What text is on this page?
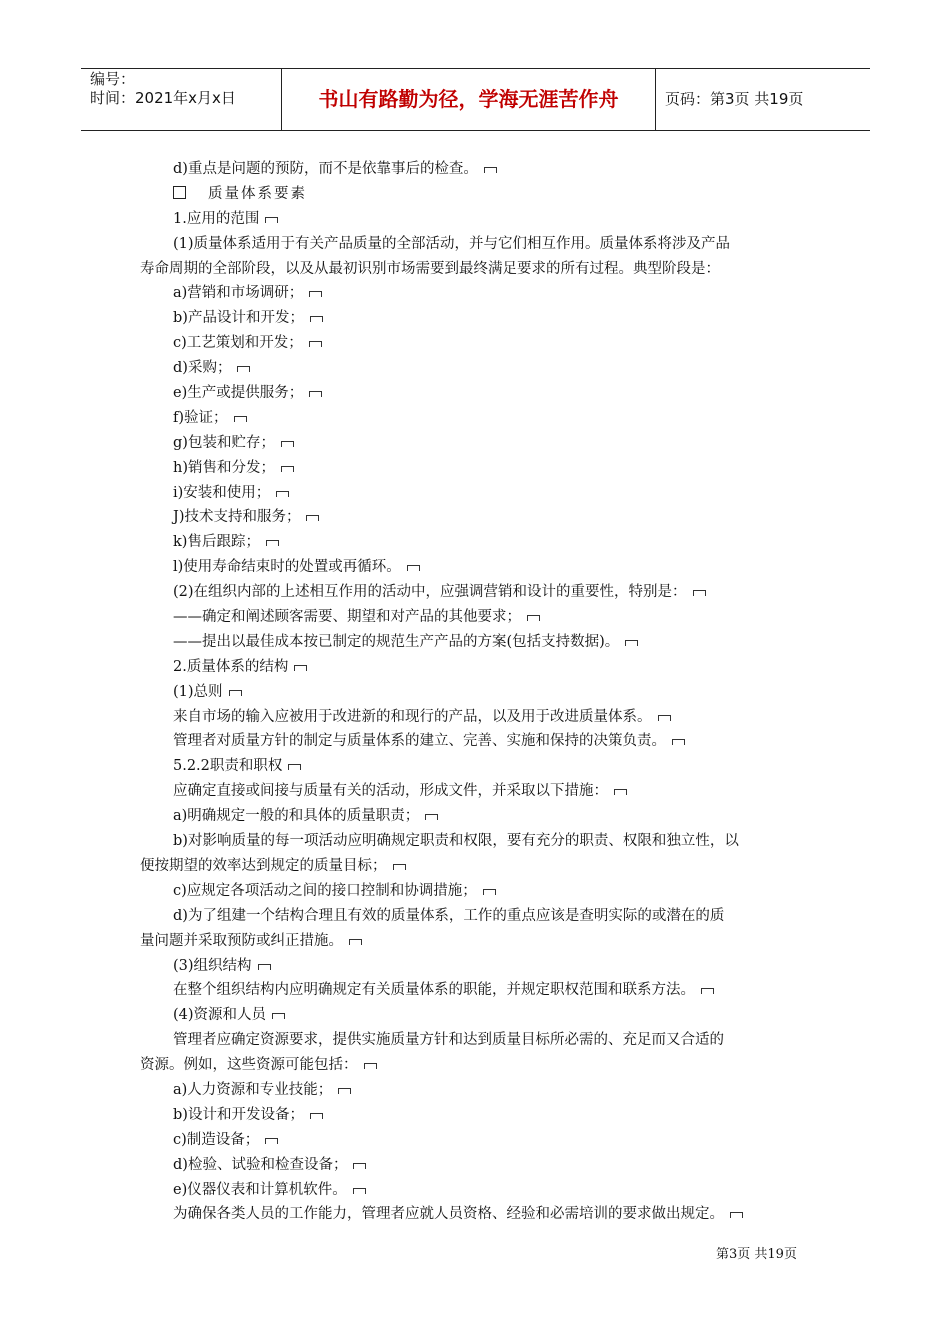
编号：
时间：2021年x月x日	书山有路勤为径，学海无涯苦作舟	页码：第3页 共19页
d)重点是问题的预防，而不是依靠事后的检查。
质量体系要素
1.应用的范围
(1)质量体系适用于有关产品质量的全部活动，并与它们相互作用。质量体系将涉及产品
寿命周期的全部阶段，以及从最初识别市场需要到最终满足要求的所有过程。典型阶段是：
a)营销和市场调研；
b)产品设计和开发；
c)工艺策划和开发；
d)采购；
e)生产或提供服务；
f)验证；
g)包装和贮存；
h)销售和分发；
i)安装和使用；
J)技术支持和服务；
k)售后跟踪；
l)使用寿命结束时的处置或再循环。
(2)在组织内部的上述相互作用的活动中，应强调营销和设计的重要性，特别是：
——确定和阐述顾客需要、期望和对产品的其他要求；
——提出以最佳成本按已制定的规范生产产品的方案(包括支持数据)。
2.质量体系的结构
(1)总则
来自市场的输入应被用于改进新的和现行的产品，以及用于改进质量体系。
管理者对质量方针的制定与质量体系的建立、完善、实施和保持的决策负责。
5.2.2职责和职权
应确定直接或间接与质量有关的活动，形成文件，并采取以下措施：
a)明确规定一般的和具体的质量职责；
b)对影响质量的每一项活动应明确规定职责和权限，要有充分的职责、权限和独立性，以
便按期望的效率达到规定的质量目标；
c)应规定各项活动之间的接口控制和协调措施；
d)为了组建一个结构合理且有效的质量体系，工作的重点应该是查明实际的或潜在的质
量问题并采取预防或纠正措施。
(3)组织结构
在整个组织结构内应明确规定有关质量体系的职能，并规定职权范围和联系方法。
(4)资源和人员
管理者应确定资源要求，提供实施质量方针和达到质量目标所必需的、充足而又合适的
资源。例如，这些资源可能包括：
a)人力资源和专业技能；
b)设计和开发设备；
c)制造设备；
d)检验、试验和检查设备；
e)仪器仪表和计算机软件。
为确保各类人员的工作能力，管理者应就人员资格、经验和必需培训的要求做出规定。
第3页 共19页
